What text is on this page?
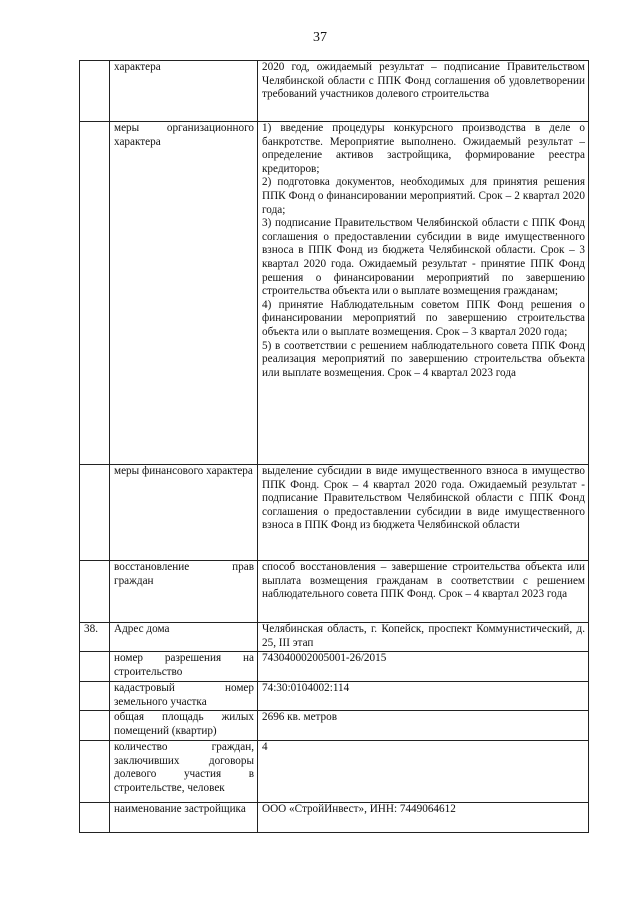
37
	характера	2020 год, ожидаемый результат – подписание Правительством Челябинской области с ППК Фонд соглашения об удовлетворении требований участников долевого строительства
	меры организационного характера	1) введение процедуры конкурсного производства в деле о банкротстве. Мероприятие выполнено. Ожидаемый результат – определение активов застройщика, формирование реестра кредиторов;
2) подготовка документов, необходимых для принятия решения ППК Фонд о финансировании мероприятий. Срок – 2 квартал 2020 года;
3) подписание Правительством Челябинской области с ППК Фонд соглашения о предоставлении субсидии в виде имущественного взноса в ППК Фонд из бюджета Челябинской области. Срок – 3 квартал 2020 года. Ожидаемый результат - принятие ППК Фонд решения о финансировании мероприятий по завершению строительства объекта или о выплате возмещения гражданам;
4) принятие Наблюдательным советом ППК Фонд решения о финансировании мероприятий по завершению строительства объекта или о выплате возмещения. Срок – 3 квартал 2020 года;
5) в соответствии с решением наблюдательного совета ППК Фонд реализация мероприятий по завершению строительства объекта или выплате возмещения. Срок – 4 квартал 2023 года

	меры финансового характера	выделение субсидии в виде имущественного взноса в имущество ППК Фонд. Срок – 4 квартал 2020 года. Ожидаемый результат - подписание Правительством Челябинской области с ППК Фонд соглашения о предоставлении субсидии в виде имущественного взноса в ППК Фонд из бюджета Челябинской области
	восстановление прав граждан	способ восстановления – завершение строительства объекта или выплата возмещения гражданам в соответствии с решением наблюдательного совета ППК Фонд. Срок – 4 квартал 2023 года
38.	Адрес дома	Челябинская область, г. Копейск, проспект Коммунистический, д. 25, III этап
	номер разрешения на строительство	743040002005001-26/2015
	кадастровый номер земельного участка	74:30:0104002:114
	общая площадь жилых помещений (квартир)	2696 кв. метров
	количество граждан, заключивших договоры долевого участия в строительстве, человек	4
	наименование застройщика	ООО «СтройИнвест», ИНН: 7449064612
